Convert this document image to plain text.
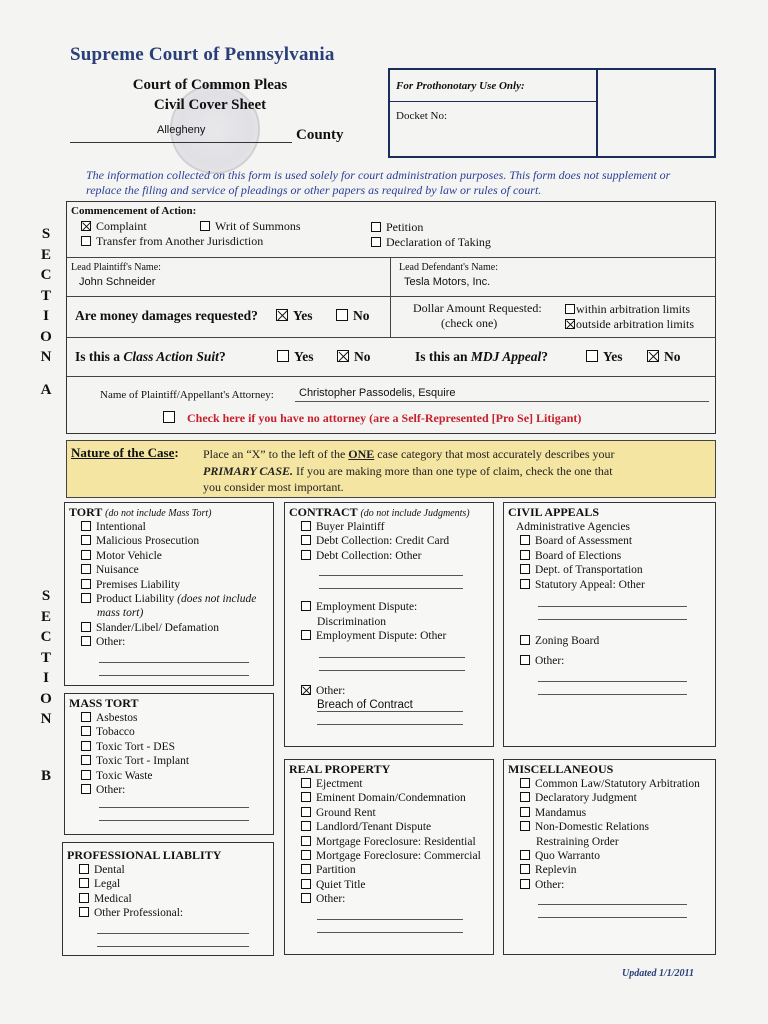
Supreme Court of Pennsylvania
Court of Common Pleas
Civil Cover Sheet
Allegheny	County
For Prothonotary Use Only:
Docket No:
The information collected on this form is used solely for court administration purposes. This form does not supplement or replace the filing and service of pleadings or other papers as required by law or rules of court.
S
E
C
T
I
O
N
A
Commencement of Action:
Complaint	Writ of Summons
Transfer from Another Jurisdiction
Petition
Declaration of Taking
Lead Plaintiff's Name:
John Schneider
Lead Defendant's Name:
Tesla Motors, Inc.
Are money damages requested?	Yes	No	Dollar Amount Requested:
(check one)
within arbitration limits
outside arbitration limits
Is this a Class Action Suit?	Yes	No	Is this an MDJ Appeal?	Yes	No
Name of Plaintiff/Appellant's Attorney: Christopher Passodelis, Esquire
Check here if you have no attorney (are a Self-Represented [Pro Se] Litigant)
S
E
C
T
I
O
N
B
Nature of the Case: Place an “X” to the left of the ONE case category that most accurately describes your
PRIMARY CASE. If you are making more than one type of claim, check the one that
you consider most important.
TORT (do not include Mass Tort)
Intentional
Malicious Prosecution
Motor Vehicle
Nuisance
Premises Liability
Product Liability (does not include
mass tort)
Slander/Libel/ Defamation
Other:
MASS TORT
Asbestos
Tobacco
Toxic Tort - DES
Toxic Tort - Implant
Toxic Waste
Other:
PROFESSIONAL LIABLITY
Dental
Legal
Medical
Other Professional:
CONTRACT (do not include Judgments)
Buyer Plaintiff
Debt Collection: Credit Card
Debt Collection: Other
Employment Dispute:
Discrimination
Employment Dispute: Other
Other:
Breach of Contract
REAL PROPERTY
Ejectment
Eminent Domain/Condemnation
Ground Rent
Landlord/Tenant Dispute
Mortgage Foreclosure: Residential
Mortgage Foreclosure: Commercial
Partition
Quiet Title
Other:
CIVIL APPEALS
Administrative Agencies
Board of Assessment
Board of Elections
Dept. of Transportation
Statutory Appeal: Other
Zoning Board
Other:
MISCELLANEOUS
Common Law/Statutory Arbitration
Declaratory Judgment
Mandamus
Non-Domestic Relations
Restraining Order
Quo Warranto
Replevin
Other:
Updated 1/1/2011
